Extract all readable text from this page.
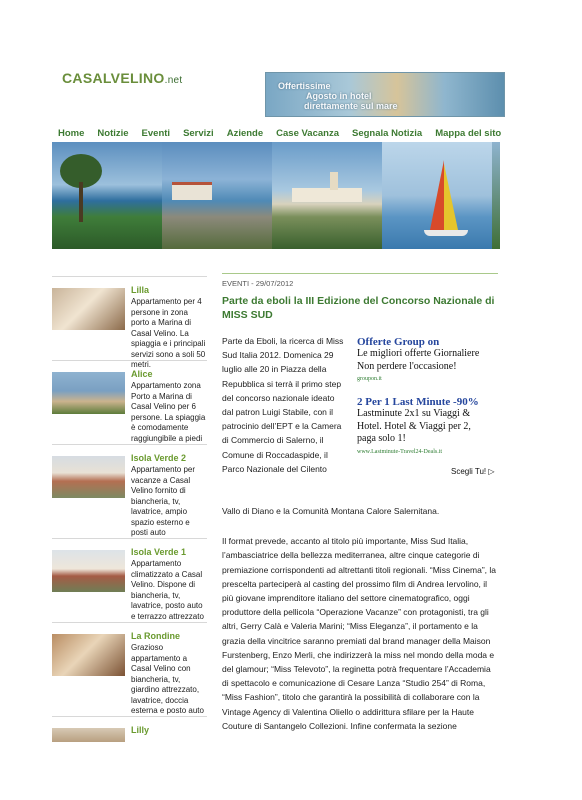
CASALVELINO.net	Offertissime
Agosto in hotel
direttamente sul mare
Home Notizie Eventi Servizi Aziende Case Vacanza Segnala Notizia Mappa del sito
Lilla
Appartamento per 4 persone in zona porto a Marina di Casal Velino. La spiaggia e i principali servizi sono a soli 50 metri.
Alice
Appartamento zona Porto a Marina di Casal Velino per 6 persone. La spiaggia è comodamente raggiungibile a piedi
Isola Verde 2
Appartamento per vacanze a Casal Velino fornito di biancheria, tv, lavatrice, ampio spazio esterno e posti auto
Isola Verde 1
Appartamento climatizzato a Casal Velino. Dispone di biancheria, tv, lavatrice, posto auto e terrazzo attrezzato
La Rondine
Grazioso appartamento a Casal Velino con biancheria, tv, giardino attrezzato, lavatrice, doccia esterna e posto auto
Lilly
EVENTI - 29/07/2012
Parte da eboli la III Edizione del Concorso Nazionale di MISS SUD

Parte da Eboli, la ricerca di Miss Sud Italia 2012. Domenica 29 luglio alle 20 in Piazza della Repubblica si terrà il primo step del concorso nazionale ideato dal patron Luigi Stabile, con il patrocinio dell’EPT e la Camera di Commercio di Salerno, il Comune di Roccadaspide, il Parco Nazionale del Cilento

Offerte Group on
Le migliori offerte Giornaliere
Non perdere l'occasione!
groupon.it
2 Per 1 Last Minute -90%
Lastminute 2x1 su Viaggi &
Hotel. Hotel & Viaggi per 2,
paga solo 1!
www.Lastminute-Travel24-Deals.it
Scegli Tu! ▷

Vallo di Diano e la Comunità Montana Calore Salernitana.

Il format prevede, accanto al titolo più importante, Miss Sud Italia, l’ambasciatrice della bellezza mediterranea, altre cinque categorie di premiazione corrispondenti ad altrettanti titoli regionali. “Miss Cinema”, la prescelta parteciperà al casting del prossimo film di Andrea Iervolino, il più giovane imprenditore italiano del settore cinematografico, oggi produttore della pellicola “Operazione Vacanze” con protagonisti, tra gli altri, Gerry Calà e Valeria Marini; “Miss Eleganza”, il portamento e la grazia della vincitrice saranno premiati dal brand manager della Maison Furstenberg, Enzo Merli, che indirizzerà la miss nel mondo della moda e del glamour; “Miss Televoto”, la reginetta potrà frequentare l’Accademia di spettacolo e comunicazione di Cesare Lanza “Studio 254” di Roma, “Miss Fashion”, titolo che garantirà la possibilità di collaborare con la Vintage Agency di Valentina Oliello o addirittura sfilare per la Haute Couture di Santangelo Collezioni. Infine confermata la sezione
